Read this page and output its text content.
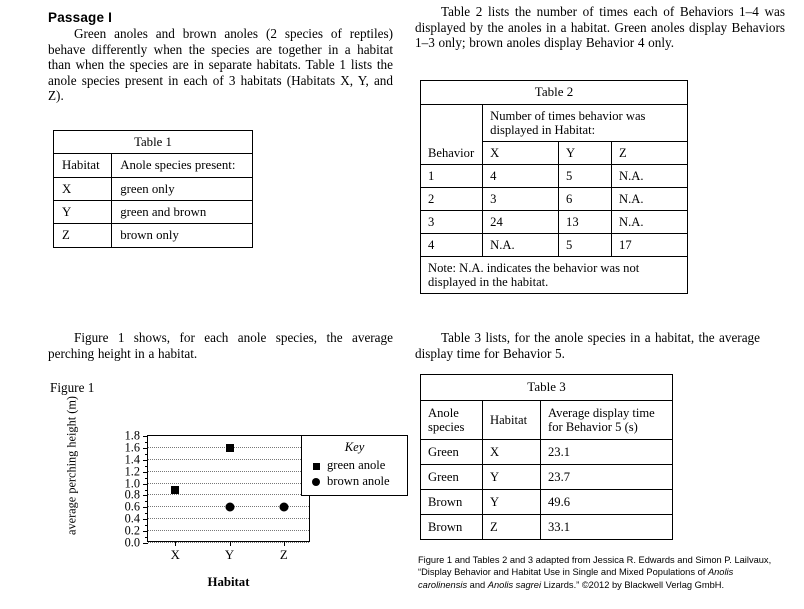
Passage I

Green anoles and brown anoles (2 species of reptiles) behave differently when the species are together in a habitat than when the species are in separate habitats. Table 1 lists the anole species present in each of 3 habitats (Habitats X, Y, and Z).

Table 1	
Habitat	Anole species present:
X	green only
Y	green and brown
Z	brown only

Figure 1 shows, for each anole species, the average perching height in a habitat.

Figure 1
average perching height (m)
0.0
0.2
0.4
0.6
0.8
1.0
1.2
1.4
1.6
1.8
X	Y	Z
Habitat
Key
green anole
brown anole

Table 2 lists the number of times each of Behaviors 1–4 was displayed by the anoles in a habitat. Green anoles display Behaviors 1–3 only; brown anoles display Behavior 4 only.

Table 2			
Behavior	Number of times behavior was displayed in Habitat:		
	X	Y	Z
1	4	5	N.A.
2	3	6	N.A.
3	24	13	N.A.
4	N.A.	5	17
Note: N.A. indicates the behavior was not displayed in the habitat.			

Table 3 lists, for the anole species in a habitat, the average display time for Behavior 5.

Table 3		
Anole species	Habitat	Average display time for Behavior 5 (s)
Green	X	23.1
Green	Y	23.7
Brown	Y	49.6
Brown	Z	33.1
Figure 1 and Tables 2 and 3 adapted from Jessica R. Edwards and Simon P. Lailvaux, “Display Behavior and Habitat Use in Single and Mixed Populations of Anolis carolinensis and Anolis sagrei Lizards.” ©2012 by Blackwell Verlag GmbH.
